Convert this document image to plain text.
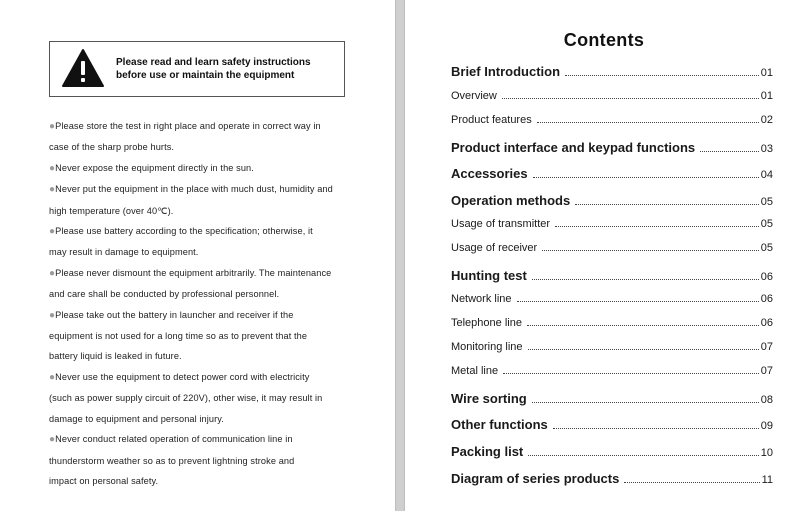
Please read and learn safety instructions
before use or maintain the equipment
●Please store the test in right place and operate in correct way in
case of the sharp probe hurts.
●Never expose the equipment directly in the sun.
●Never put the equipment in the place with much dust, humidity and
high temperature (over 40℃).
●Please use battery according to the specification; otherwise, it
may result in damage to equipment.
●Please never dismount the equipment arbitrarily. The maintenance
and care shall be conducted by professional personnel.
●Please take out the battery in launcher and receiver if the
equipment is not used for a long time so as to prevent that the
battery liquid is leaked in future.
●Never use the equipment to detect power cord with electricity
(such as power supply circuit of 220V), other wise, it may result in
damage to equipment and personal injury.
●Never conduct related operation of communication line in
thunderstorm weather so as to prevent lightning stroke and
impact on personal safety.
Contents
Brief Introduction	01
Overview	01
Product features	02
Product interface and keypad functions	03
Accessories	04
Operation methods	05
Usage of transmitter	05
Usage of receiver	05
Hunting test	06
Network line	06
Telephone line	06
Monitoring line	07
Metal line	07
Wire sorting	08
Other functions	09
Packing list	10
Diagram of series products	11
